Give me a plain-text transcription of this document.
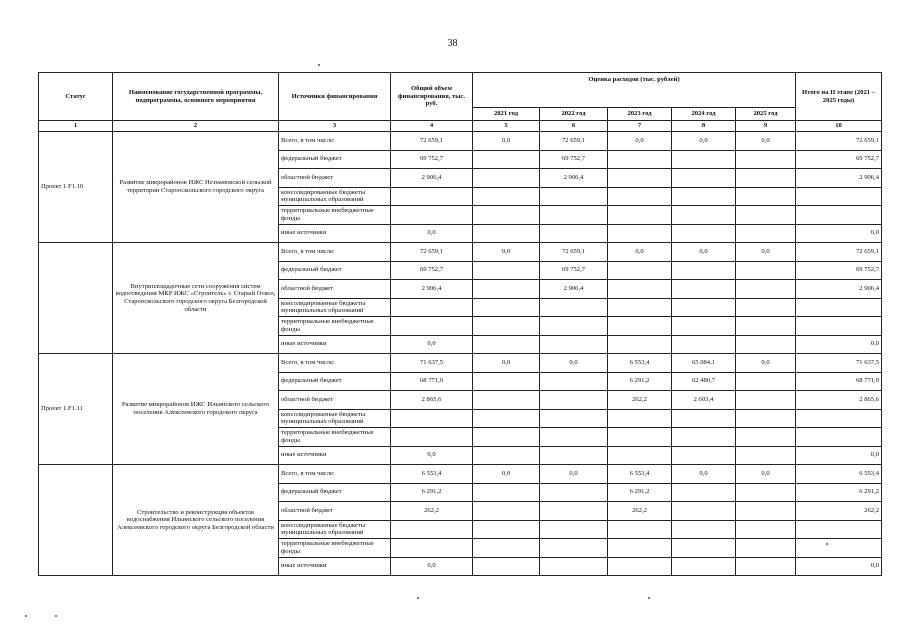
38
Статус	Наименование государственной программы, подпрограммы, основного мероприятия	Источники финансирования	Общий объем финансирования, тыс. руб.	Оценка расходов (тыс. рублей)					Итого на II этапе (2021 – 2025 годы)
				2021 год	2022 год	2023 год	2024 год	2025 год	
1	2	3	4	5	6	7	8	9	10
Проект 1.F1.10	Развитие микрорайонов ИЖС Незнамовской сельской территории Старооскольского городского округа	Всего, в том числе:	72 659,1	0,0	72 659,1	0,0	0,0	0,0	72 659,1
		федеральный бюджет	69 752,7		69 752,7				69 752,7
		областной бюджет	2 906,4		2 906,4				2 906,4
		консолидированные бюджеты муниципальных образований							
		территориальные внебюджетные фонды							
		иные источники	0,0						0,0
	Внутриплощадочные сети сооружения систем водоотведения МКР ИЖС «Строитель» г. Старый Оскол, Старооскольского городского округа Белгородской области	Всего, в том числе:	72 659,1	0,0	72 659,1	0,0	0,0	0,0	72 659,1
		федеральный бюджет	69 752,7		69 752,7				69 752,7
		областной бюджет	2 906,4		2 906,4				2 906,4
		консолидированные бюджеты муниципальных образований							
		территориальные внебюджетные фонды							
		иные источники	0,0						0,0
Проект 1.F1.11	Развитие микрорайонов ИЖС Ильинского сельского поселения Алексеевского городского округа	Всего, в том числе:	71 637,5	0,0	0,0	6 553,4	65 084,1	0,0	71 637,5
		федеральный бюджет	68 771,9			6 291,2	62 480,7		68 771,9
		областной бюджет	2 865,6			262,2	2 603,4		2 865,6
		консолидированные бюджеты муниципальных образований							
		территориальные внебюджетные фонды							
		иные источники	0,0						0,0
	Строительство и реконструкция объектов водоснабжения Ильинского сельского поселения Алексеевского городского округа Белгородской области	Всего, в том числе:	6 553,4	0,0	0,0	6 553,4	0,0	0,0	6 553,4
		федеральный бюджет	6 291,2			6 291,2			6 291,2
		областной бюджет	262,2			262,2			262,2
		консолидированные бюджеты муниципальных образований							
		территориальные внебюджетные фонды							
		иные источники	0,0						0,0
